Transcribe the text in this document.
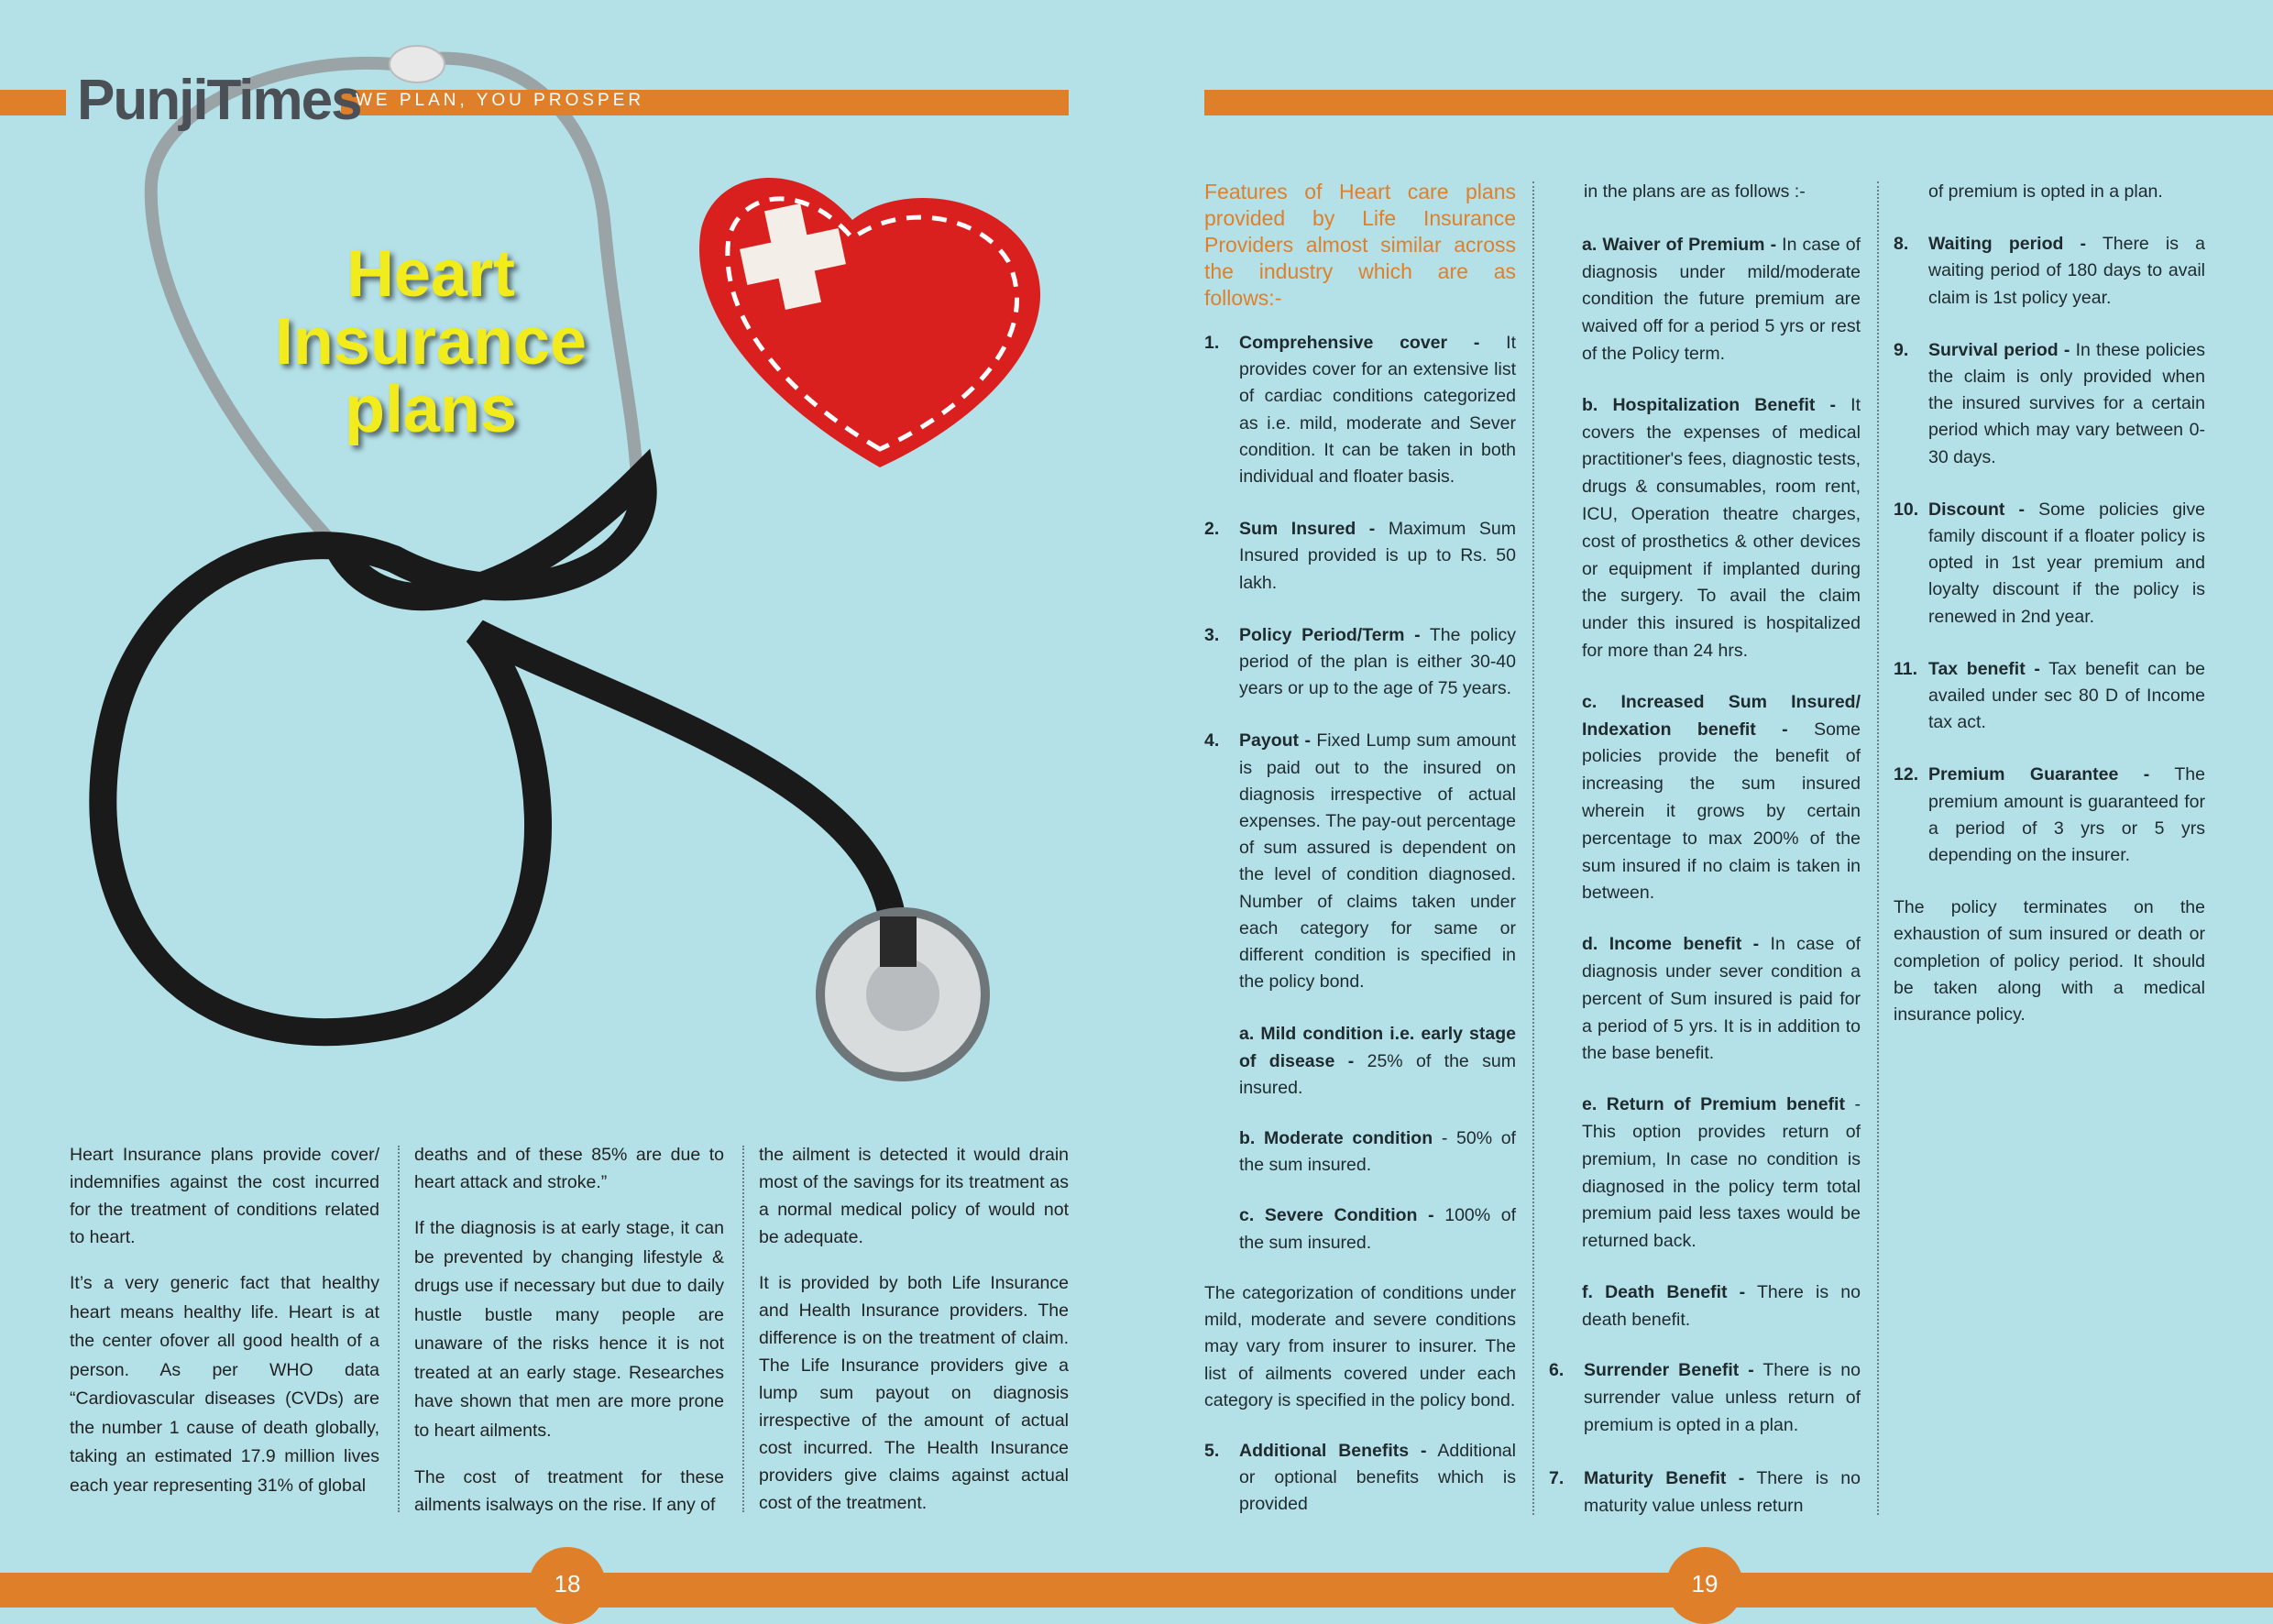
PunjiTimes
WE PLAN, YOU PROSPER
Heart
Insurance
plans

Heart Insurance plans provide cover/ indemnifies against the cost incurred for the treatment of conditions related to heart.

It’s a very generic fact that healthy heart means healthy life. Heart is at the center ofover all good health of a person. As per WHO data “Cardiovascular diseases (CVDs) are the number 1 cause of death globally, taking an estimated 17.9 million lives each year representing 31% of global

deaths and of these 85% are due to heart attack and stroke.”

If the diagnosis is at early stage, it can be prevented by changing lifestyle & drugs use if necessary but due to daily hustle bustle many people are unaware of the risks hence it is not treated at an early stage. Researches have shown that men are more prone to heart ailments.

The cost of treatment for these ailments isalways on the rise. If any of

the ailment is detected it would drain most of the savings for its treatment as a normal medical policy of would not be adequate.

It is provided by both Life Insurance and Health Insurance providers. The difference is on the treatment of claim. The Life Insurance providers give a lump sum payout on diagnosis irrespective of the amount of actual cost incurred. The Health Insurance providers give claims against actual cost of the treatment.

Features of Heart care plans provided by Life Insurance Providers almost similar across the industry which are as follows:-

1. Comprehensive cover - It provides cover for an extensive list of cardiac conditions categorized as i.e. mild, moderate and Sever condition. It can be taken in both individual and floater basis.
2. Sum Insured - Maximum Sum Insured provided is up to Rs. 50 lakh.
3. Policy Period/Term - The policy period of the plan is either 30-40 years or up to the age of 75 years.
4. Payout - Fixed Lump sum amount is paid out to the insured on diagnosis irrespective of actual expenses. The pay-out percentage of sum assured is dependent on the level of condition diagnosed. Number of claims taken under each category for same or different condition is specified in the policy bond.
a. Mild condition i.e. early stage of disease - 25% of the sum insured.
b. Moderate condition - 50% of the sum insured.
c. Severe Condition - 100% of the sum insured.

The categorization of conditions under mild, moderate and severe conditions may vary from insurer to insurer. The list of ailments covered under each category is specified in the policy bond.

5. Additional Benefits - Additional or optional benefits which is provided

in the plans are as follows :-

a. Waiver of Premium - In case of diagnosis under mild/moderate condition the future premium are waived off for a period 5 yrs or rest of the Policy term.
b. Hospitalization Benefit - It covers the expenses of medical practitioner's fees, diagnostic tests, drugs & consumables, room rent, ICU, Operation theatre charges, cost of prosthetics & other devices or equipment if implanted during the surgery. To avail the claim under this insured is hospitalized for more than 24 hrs.
c. Increased Sum Insured/ Indexation benefit - Some policies provide the benefit of increasing the sum insured wherein it grows by certain percentage to max 200% of the sum insured if no claim is taken in between.
d. Income benefit - In case of diagnosis under sever condition a percent of Sum insured is paid for a period of 5 yrs. It is in addition to the base benefit.
e. Return of Premium benefit - This option provides return of premium, In case no condition is diagnosed in the policy term total premium paid less taxes would be returned back.
f. Death Benefit - There is no death benefit.
6. Surrender Benefit - There is no surrender value unless return of premium is opted in a plan.
7. Maturity Benefit - There is no maturity value unless return

of premium is opted in a plan.

8. Waiting period - There is a waiting period of 180 days to avail claim is 1st policy year.
9. Survival period - In these policies the claim is only provided when the insured survives for a certain period which may vary between 0-30 days.
10. Discount - Some policies give family discount if a floater policy is opted in 1st year premium and loyalty discount if the policy is renewed in 2nd year.
11. Tax benefit - Tax benefit can be availed under sec 80 D of Income tax act.
12. Premium Guarantee - The premium amount is guaranteed for a period of 3 yrs or 5 yrs depending on the insurer.

The policy terminates on the exhaustion of sum insured or death or completion of policy period. It should be taken along with a medical insurance policy.

18	19
